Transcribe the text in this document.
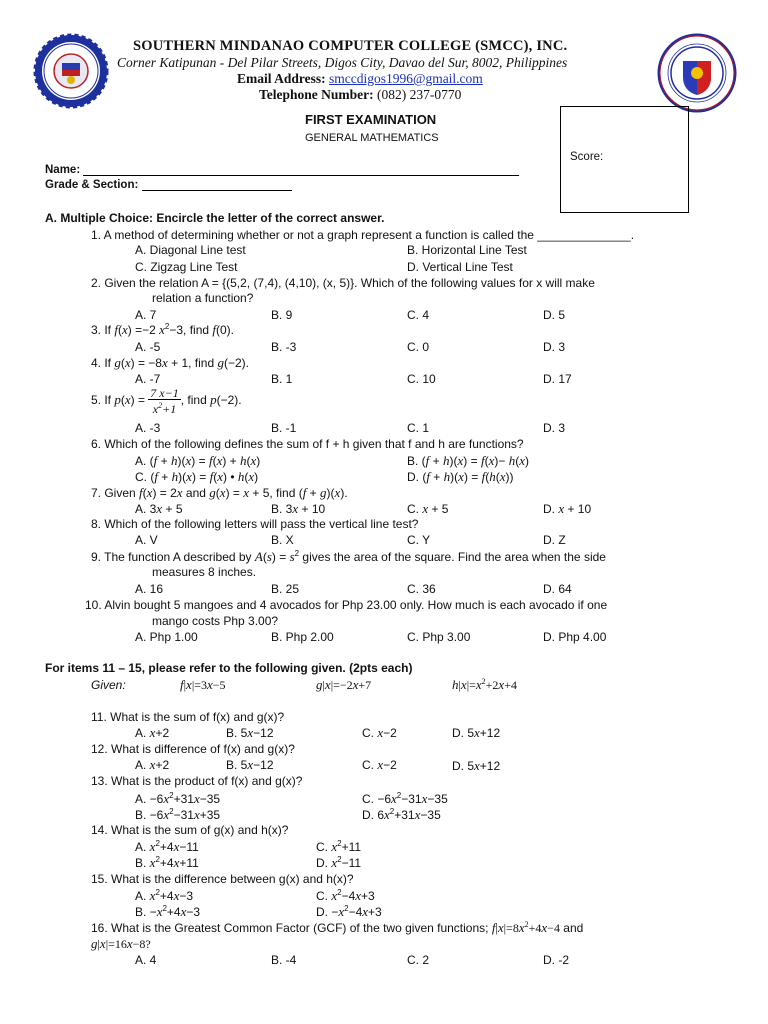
SOUTHERN MINDANAO COMPUTER COLLEGE (SMCC), INC.
Corner Katipunan - Del Pilar Streets, Digos City, Davao del Sur, 8002, Philippines
Email Address: smccdigos1996@gmail.com
Telephone Number: (082) 237-0770
FIRST EXAMINATION
GENERAL MATHEMATICS
Score:
Name:
Grade & Section:
A. Multiple Choice: Encircle the letter of the correct answer.
1. A method of determining whether or not a graph represent a function is called the ______________.
A. Diagonal Line test	B. Horizontal Line Test
C. Zigzag Line Test	D. Vertical Line Test
2. Given the relation A = {(5,2, (7,4), (4,10), (x, 5)}. Which of the following values for x will make
relation a function?
A. 7	B. 9	C. 4	D. 5
3. If f(x) =−2 $x^2-3$, find f(0).
A. -5	B. -3	C. 0	D. 3
4. If g(x) = −8x + 1, find g(−2).
A. -7	B. 1	C. 10	D. 17
5. If $p(x) = \frac{7 x-1}{x^2+1}$ , find p(−2).
A. -3	B. -1	C. 1	D. 3
6. Which of the following defines the sum of f + h given that f and h are functions?
A. (f + h)(x) = f(x) + h(x)	B. (f + h)(x) = f(x)− h(x)
C. (f + h)(x) = f(x) • h(x)	D. (f + h)(x) = f(h(x))
7. Given f(x) = 2x and g(x) = x + 5, find (f + g)(x).
A. 3x + 5	B. 3x + 10	C. x + 5	D. x + 10
8. Which of the following letters will pass the vertical line test?
A. V	B. X	C. Y	D. Z
9. The function A described by $A(s) = s^2$ gives the area of the square. Find the area when the side
measures 8 inches.
A. 16	B. 25	C. 36	D. 64
10. Alvin bought 5 mangoes and 4 avocados for Php 23.00 only. How much is each avocado if one
mango costs Php 3.00?
A. Php 1.00	B. Php 2.00	C. Php 3.00	D. Php 4.00
For items 11 – 15, please refer to the following given. (2pts each)
Given:	f|x|=3x−5	g|x|=−2x+7	$h|x|=x^2+2x+4$
11. What is the sum of f(x) and g(x)?
A. x+2	B. 5x−12	C. x−2	D. 5x+12
12. What is difference of f(x) and g(x)?
A. x+2	B. 5x−12	C. x−2	D. 5x+12
13. What is the product of f(x) and g(x)?
A. $-6x^2+31x-35$	C. $-6x^2-31x-35$
B. $-6x^2-31x+35$	D. $6x^2+31x-35$
14. What is the sum of g(x) and h(x)?
A. $x^2+4x-11$	C. $x^2+11$
B. $x^2+4x+11$	D. $x^2-11$
15. What is the difference between g(x) and h(x)?
A. $x^2+4x-3$	C. $x^2-4x+3$
B. $-x^2+4x-3$	D. $-x^2-4x+3$
16. What is the Greatest Common Factor (GCF) of the two given functions; $f|x|=8x^2+4x-4$ and
g|x|=16x−8?
A. 4	B. -4	C. 2	D. -2
